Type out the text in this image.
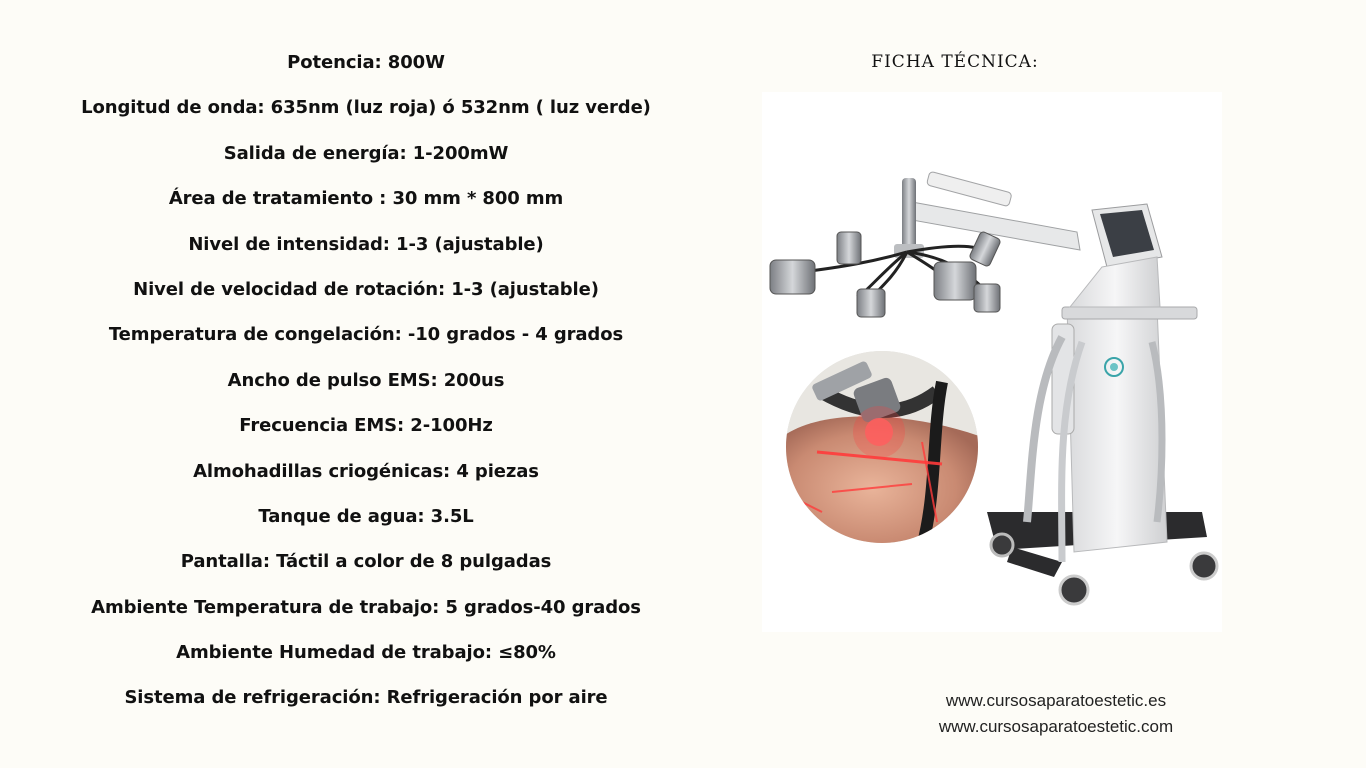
Potencia: 800W
Longitud de onda: 635nm (luz roja) ó 532nm ( luz verde)
Salida de energía: 1-200mW
Área de tratamiento : 30 mm * 800 mm
Nivel de intensidad: 1-3 (ajustable)
Nivel de velocidad de rotación: 1-3 (ajustable)
Temperatura de congelación: -10 grados - 4 grados
Ancho de pulso EMS: 200us
Frecuencia EMS: 2-100Hz
Almohadillas criogénicas: 4 piezas
Tanque de agua: 3.5L
Pantalla: Táctil a color de 8 pulgadas
Ambiente Temperatura de trabajo: 5 grados-40 grados
Ambiente Humedad de trabajo: ≤80%
Sistema de refrigeración: Refrigeración por aire
FICHA TÉCNICA:
www.cursosaparatoestetic.es
www.cursosaparatoestetic.com
